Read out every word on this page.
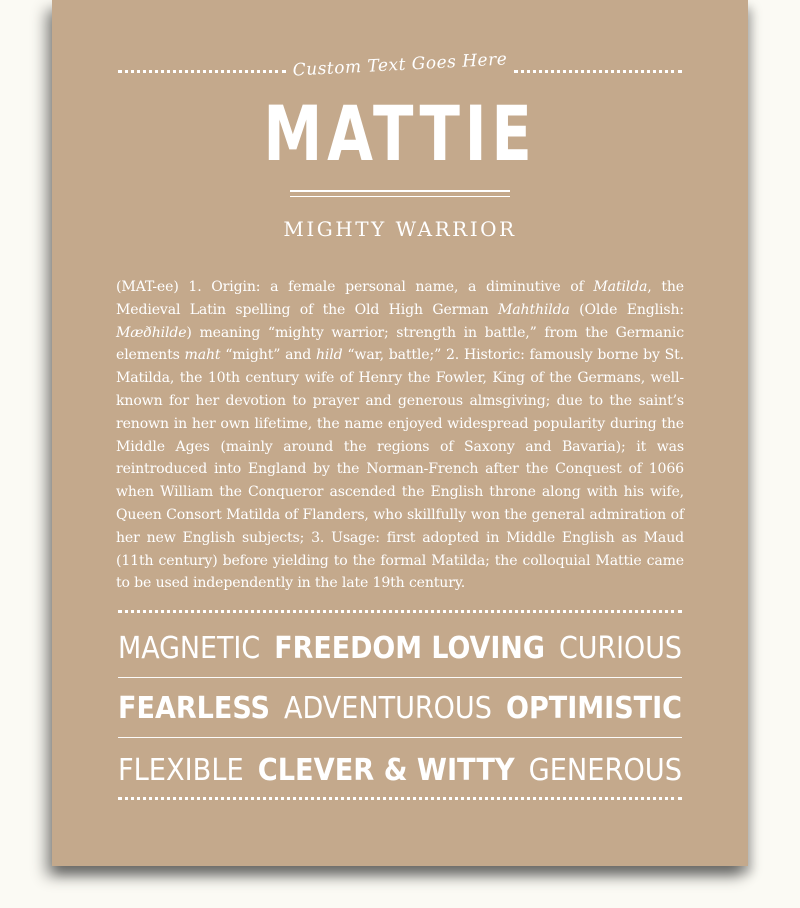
Custom Text Goes Here
MATTIE
MIGHTY WARRIOR
(MAT-ee) 1. Origin: a female personal name, a diminutive of Matilda, the Medieval Latin spelling of the Old High German Mahthilda (Olde English: Mæðhilde) meaning “mighty warrior; strength in battle,” from the Germanic elements maht “might” and hild “war, battle;” 2. Historic: famously borne by St. Matilda, the 10th century wife of Henry the Fowler, King of the Germans, well-known for her devotion to prayer and generous almsgiving; due to the saint’s renown in her own lifetime, the name enjoyed widespread popularity during the Middle Ages (mainly around the regions of Saxony and Bavaria); it was reintroduced into England by the Norman-French after the Conquest of 1066 when William the Conqueror ascended the English throne along with his wife, Queen Consort Matilda of Flanders, who skillfully won the general admiration of her new English subjects; 3. Usage: first adopted in Middle English as Maud (11th century) before yielding to the formal Matilda; the colloquial Mattie came to be used independently in the late 19th century.
MAGNETIC FREEDOM LOVING CURIOUS
FEARLESS ADVENTUROUS OPTIMISTIC
FLEXIBLE CLEVER & WITTY GENEROUS
